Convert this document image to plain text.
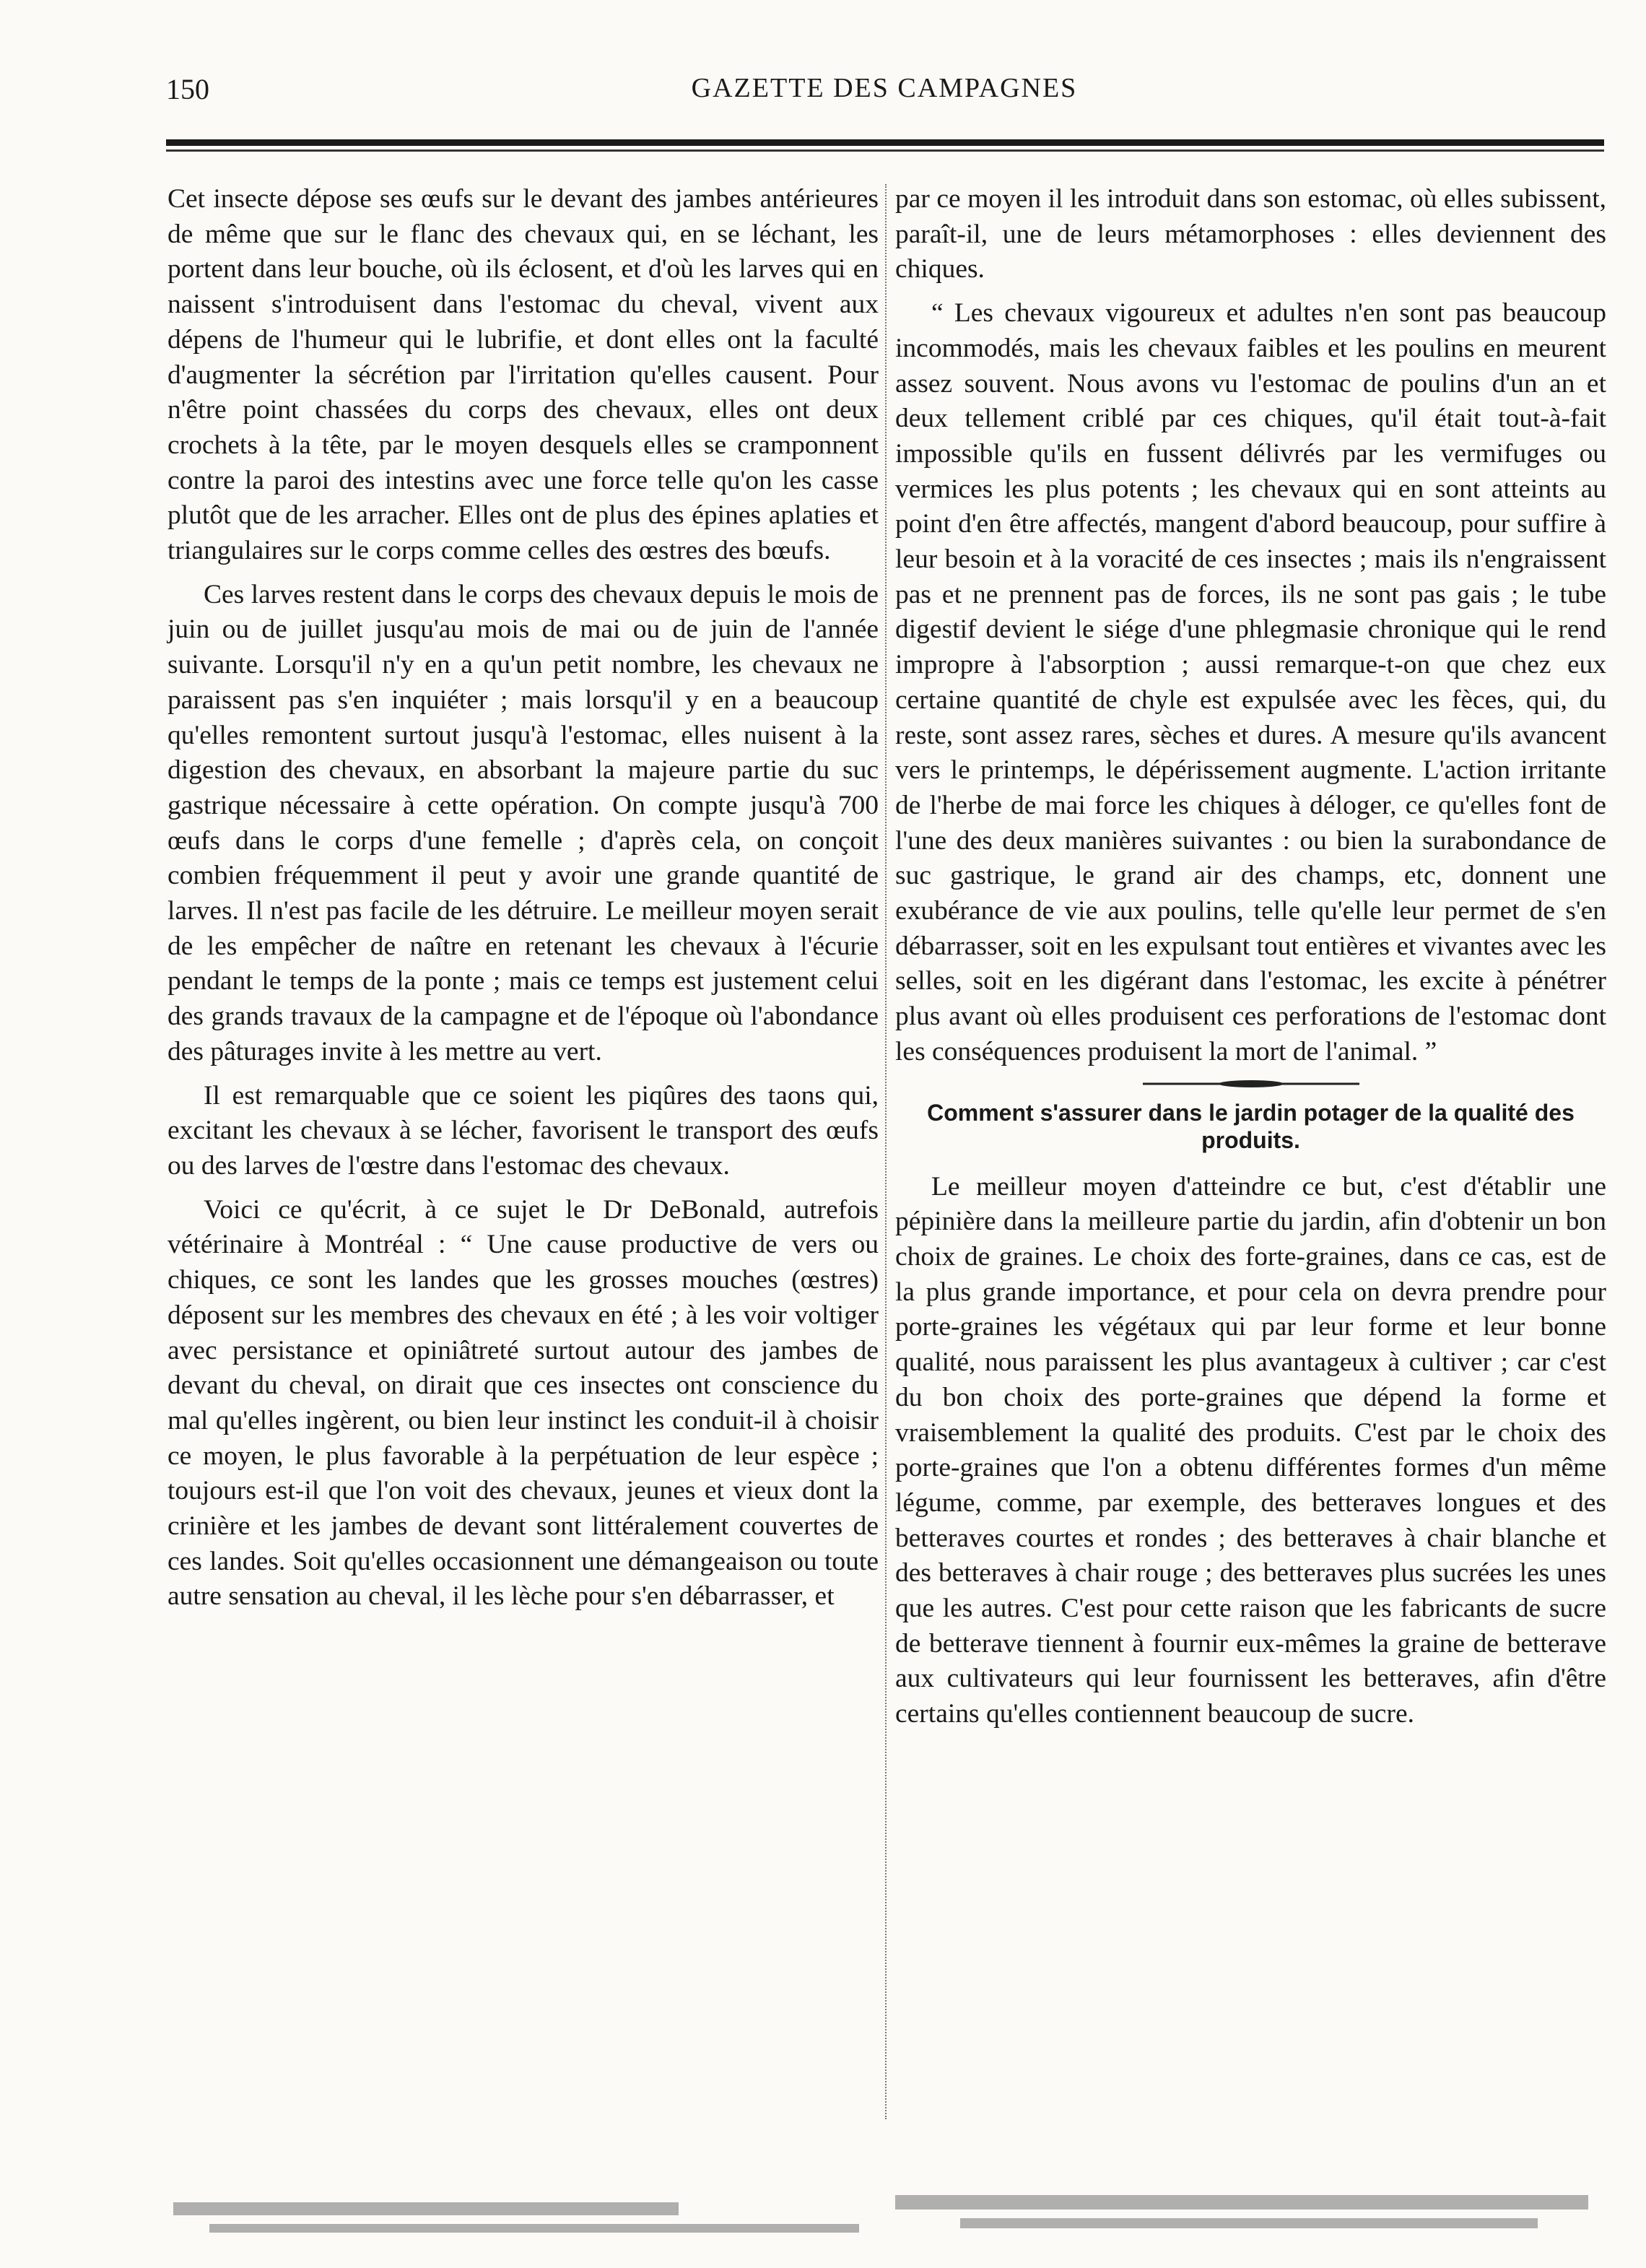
150	GAZETTE DES CAMPAGNES

Cet insecte dépose ses œufs sur le devant des jambes antérieures de même que sur le flanc des chevaux qui, en se léchant, les portent dans leur bouche, où ils éclosent, et d'où les larves qui en naissent s'introduisent dans l'estomac du cheval, vivent aux dépens de l'humeur qui le lubrifie, et dont elles ont la faculté d'augmenter la sécrétion par l'irritation qu'elles causent. Pour n'être point chassées du corps des chevaux, elles ont deux crochets à la tête, par le moyen desquels elles se cramponnent contre la paroi des intestins avec une force telle qu'on les casse plutôt que de les arracher. Elles ont de plus des épines aplaties et triangulaires sur le corps comme celles des œstres des bœufs.

Ces larves restent dans le corps des chevaux depuis le mois de juin ou de juillet jusqu'au mois de mai ou de juin de l'année suivante. Lorsqu'il n'y en a qu'un petit nombre, les chevaux ne paraissent pas s'en inquiéter ; mais lorsqu'il y en a beaucoup qu'elles remontent surtout jusqu'à l'estomac, elles nuisent à la digestion des chevaux, en absorbant la majeure partie du suc gastrique nécessaire à cette opération. On compte jusqu'à 700 œufs dans le corps d'une femelle ; d'après cela, on conçoit combien fréquemment il peut y avoir une grande quantité de larves. Il n'est pas facile de les détruire. Le meilleur moyen serait de les empêcher de naître en retenant les chevaux à l'écurie pendant le temps de la ponte ; mais ce temps est justement celui des grands travaux de la campagne et de l'époque où l'abondance des pâturages invite à les mettre au vert.

Il est remarquable que ce soient les piqûres des taons qui, excitant les chevaux à se lécher, favorisent le transport des œufs ou des larves de l'œstre dans l'estomac des chevaux.

Voici ce qu'écrit, à ce sujet le Dr DeBonald, autrefois vétérinaire à Montréal : “ Une cause productive de vers ou chiques, ce sont les landes que les grosses mouches (œstres) déposent sur les membres des chevaux en été ; à les voir voltiger avec persistance et opiniâtreté surtout autour des jambes de devant du cheval, on dirait que ces insectes ont conscience du mal qu'elles ingèrent, ou bien leur instinct les conduit-il à choisir ce moyen, le plus favorable à la perpétuation de leur espèce ; toujours est-il que l'on voit des chevaux, jeunes et vieux dont la crinière et les jambes de devant sont littéralement couvertes de ces landes. Soit qu'elles occasionnent une démangeaison ou toute autre sensation au cheval, il les lèche pour s'en débarrasser, et

par ce moyen il les introduit dans son estomac, où elles subissent, paraît-il, une de leurs métamorphoses : elles deviennent des chiques.

“ Les chevaux vigoureux et adultes n'en sont pas beaucoup incommodés, mais les chevaux faibles et les poulins en meurent assez souvent. Nous avons vu l'estomac de poulins d'un an et deux tellement criblé par ces chiques, qu'il était tout-à-fait impossible qu'ils en fussent délivrés par les vermifuges ou vermices les plus potents ; les chevaux qui en sont atteints au point d'en être affectés, mangent d'abord beaucoup, pour suffire à leur besoin et à la voracité de ces insectes ; mais ils n'engraissent pas et ne prennent pas de forces, ils ne sont pas gais ; le tube digestif devient le siége d'une phlegmasie chronique qui le rend impropre à l'absorption ; aussi remarque-t-on que chez eux certaine quantité de chyle est expulsée avec les fèces, qui, du reste, sont assez rares, sèches et dures. A mesure qu'ils avancent vers le printemps, le dépérissement augmente. L'action irritante de l'herbe de mai force les chiques à déloger, ce qu'elles font de l'une des deux manières suivantes : ou bien la surabondance de suc gastrique, le grand air des champs, etc, donnent une exubérance de vie aux poulins, telle qu'elle leur permet de s'en débarrasser, soit en les expulsant tout entières et vivantes avec les selles, soit en les digérant dans l'estomac, les excite à pénétrer plus avant où elles produisent ces perforations de l'estomac dont les conséquences produisent la mort de l'animal. ”

Comment s'assurer dans le jardin potager de la qualité des produits.

Le meilleur moyen d'atteindre ce but, c'est d'établir une pépinière dans la meilleure partie du jardin, afin d'obtenir un bon choix de graines. Le choix des forte-graines, dans ce cas, est de la plus grande importance, et pour cela on devra prendre pour porte-graines les végétaux qui par leur forme et leur bonne qualité, nous paraissent les plus avantageux à cultiver ; car c'est du bon choix des porte-graines que dépend la forme et vraisemblement la qualité des produits. C'est par le choix des porte-graines que l'on a obtenu différentes formes d'un même légume, comme, par exemple, des betteraves longues et des betteraves courtes et rondes ; des betteraves à chair blanche et des betteraves à chair rouge ; des betteraves plus sucrées les unes que les autres. C'est pour cette raison que les fabricants de sucre de betterave tiennent à fournir eux-mêmes la graine de betterave aux cultivateurs qui leur fournissent les betteraves, afin d'être certains qu'elles contiennent beaucoup de sucre.
